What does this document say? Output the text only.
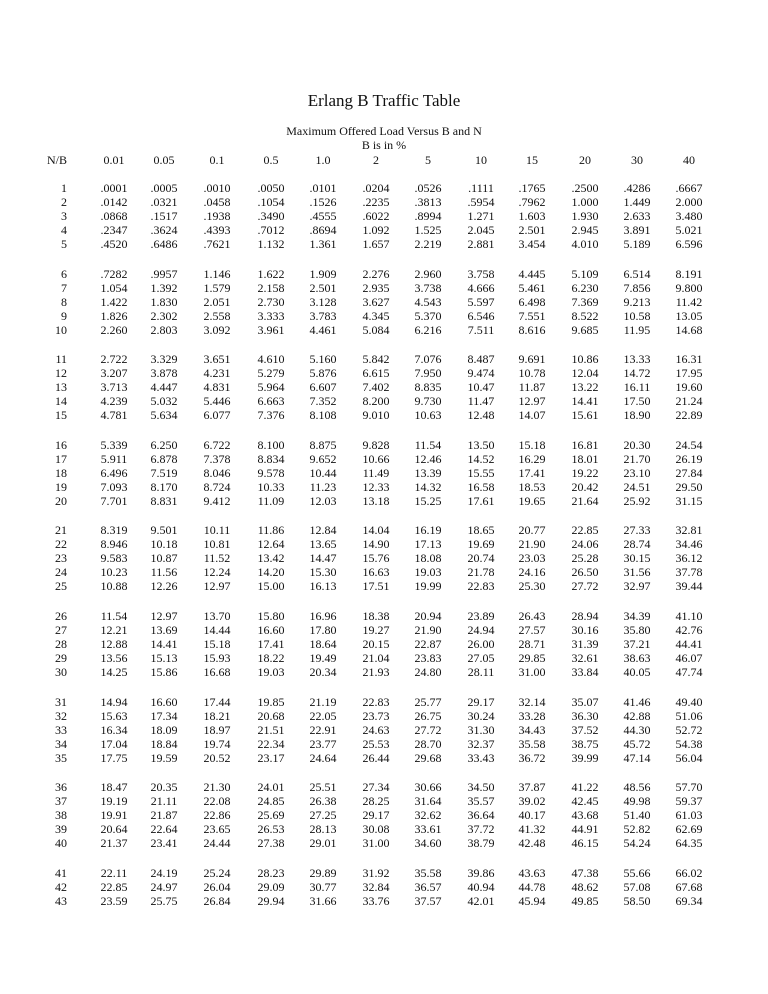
Erlang B Traffic Table
Maximum Offered Load Versus B and N
B is in %
N/B	0.01	0.05	0.1	0.5	1.0	2	5	10	15	20	30	40
1	.0001	.0005	.0010	.0050	.0101	.0204	.0526	.1111	.1765	.2500	.4286	.6667
2	.0142	.0321	.0458	.1054	.1526	.2235	.3813	.5954	.7962	1.000	1.449	2.000
3	.0868	.1517	.1938	.3490	.4555	.6022	.8994	1.271	1.603	1.930	2.633	3.480
4	.2347	.3624	.4393	.7012	.8694	1.092	1.525	2.045	2.501	2.945	3.891	5.021
5	.4520	.6486	.7621	1.132	1.361	1.657	2.219	2.881	3.454	4.010	5.189	6.596
6	.7282	.9957	1.146	1.622	1.909	2.276	2.960	3.758	4.445	5.109	6.514	8.191
7	1.054	1.392	1.579	2.158	2.501	2.935	3.738	4.666	5.461	6.230	7.856	9.800
8	1.422	1.830	2.051	2.730	3.128	3.627	4.543	5.597	6.498	7.369	9.213	11.42
9	1.826	2.302	2.558	3.333	3.783	4.345	5.370	6.546	7.551	8.522	10.58	13.05
10	2.260	2.803	3.092	3.961	4.461	5.084	6.216	7.511	8.616	9.685	11.95	14.68
11	2.722	3.329	3.651	4.610	5.160	5.842	7.076	8.487	9.691	10.86	13.33	16.31
12	3.207	3.878	4.231	5.279	5.876	6.615	7.950	9.474	10.78	12.04	14.72	17.95
13	3.713	4.447	4.831	5.964	6.607	7.402	8.835	10.47	11.87	13.22	16.11	19.60
14	4.239	5.032	5.446	6.663	7.352	8.200	9.730	11.47	12.97	14.41	17.50	21.24
15	4.781	5.634	6.077	7.376	8.108	9.010	10.63	12.48	14.07	15.61	18.90	22.89
16	5.339	6.250	6.722	8.100	8.875	9.828	11.54	13.50	15.18	16.81	20.30	24.54
17	5.911	6.878	7.378	8.834	9.652	10.66	12.46	14.52	16.29	18.01	21.70	26.19
18	6.496	7.519	8.046	9.578	10.44	11.49	13.39	15.55	17.41	19.22	23.10	27.84
19	7.093	8.170	8.724	10.33	11.23	12.33	14.32	16.58	18.53	20.42	24.51	29.50
20	7.701	8.831	9.412	11.09	12.03	13.18	15.25	17.61	19.65	21.64	25.92	31.15
21	8.319	9.501	10.11	11.86	12.84	14.04	16.19	18.65	20.77	22.85	27.33	32.81
22	8.946	10.18	10.81	12.64	13.65	14.90	17.13	19.69	21.90	24.06	28.74	34.46
23	9.583	10.87	11.52	13.42	14.47	15.76	18.08	20.74	23.03	25.28	30.15	36.12
24	10.23	11.56	12.24	14.20	15.30	16.63	19.03	21.78	24.16	26.50	31.56	37.78
25	10.88	12.26	12.97	15.00	16.13	17.51	19.99	22.83	25.30	27.72	32.97	39.44
26	11.54	12.97	13.70	15.80	16.96	18.38	20.94	23.89	26.43	28.94	34.39	41.10
27	12.21	13.69	14.44	16.60	17.80	19.27	21.90	24.94	27.57	30.16	35.80	42.76
28	12.88	14.41	15.18	17.41	18.64	20.15	22.87	26.00	28.71	31.39	37.21	44.41
29	13.56	15.13	15.93	18.22	19.49	21.04	23.83	27.05	29.85	32.61	38.63	46.07
30	14.25	15.86	16.68	19.03	20.34	21.93	24.80	28.11	31.00	33.84	40.05	47.74
31	14.94	16.60	17.44	19.85	21.19	22.83	25.77	29.17	32.14	35.07	41.46	49.40
32	15.63	17.34	18.21	20.68	22.05	23.73	26.75	30.24	33.28	36.30	42.88	51.06
33	16.34	18.09	18.97	21.51	22.91	24.63	27.72	31.30	34.43	37.52	44.30	52.72
34	17.04	18.84	19.74	22.34	23.77	25.53	28.70	32.37	35.58	38.75	45.72	54.38
35	17.75	19.59	20.52	23.17	24.64	26.44	29.68	33.43	36.72	39.99	47.14	56.04
36	18.47	20.35	21.30	24.01	25.51	27.34	30.66	34.50	37.87	41.22	48.56	57.70
37	19.19	21.11	22.08	24.85	26.38	28.25	31.64	35.57	39.02	42.45	49.98	59.37
38	19.91	21.87	22.86	25.69	27.25	29.17	32.62	36.64	40.17	43.68	51.40	61.03
39	20.64	22.64	23.65	26.53	28.13	30.08	33.61	37.72	41.32	44.91	52.82	62.69
40	21.37	23.41	24.44	27.38	29.01	31.00	34.60	38.79	42.48	46.15	54.24	64.35
41	22.11	24.19	25.24	28.23	29.89	31.92	35.58	39.86	43.63	47.38	55.66	66.02
42	22.85	24.97	26.04	29.09	30.77	32.84	36.57	40.94	44.78	48.62	57.08	67.68
43	23.59	25.75	26.84	29.94	31.66	33.76	37.57	42.01	45.94	49.85	58.50	69.34
